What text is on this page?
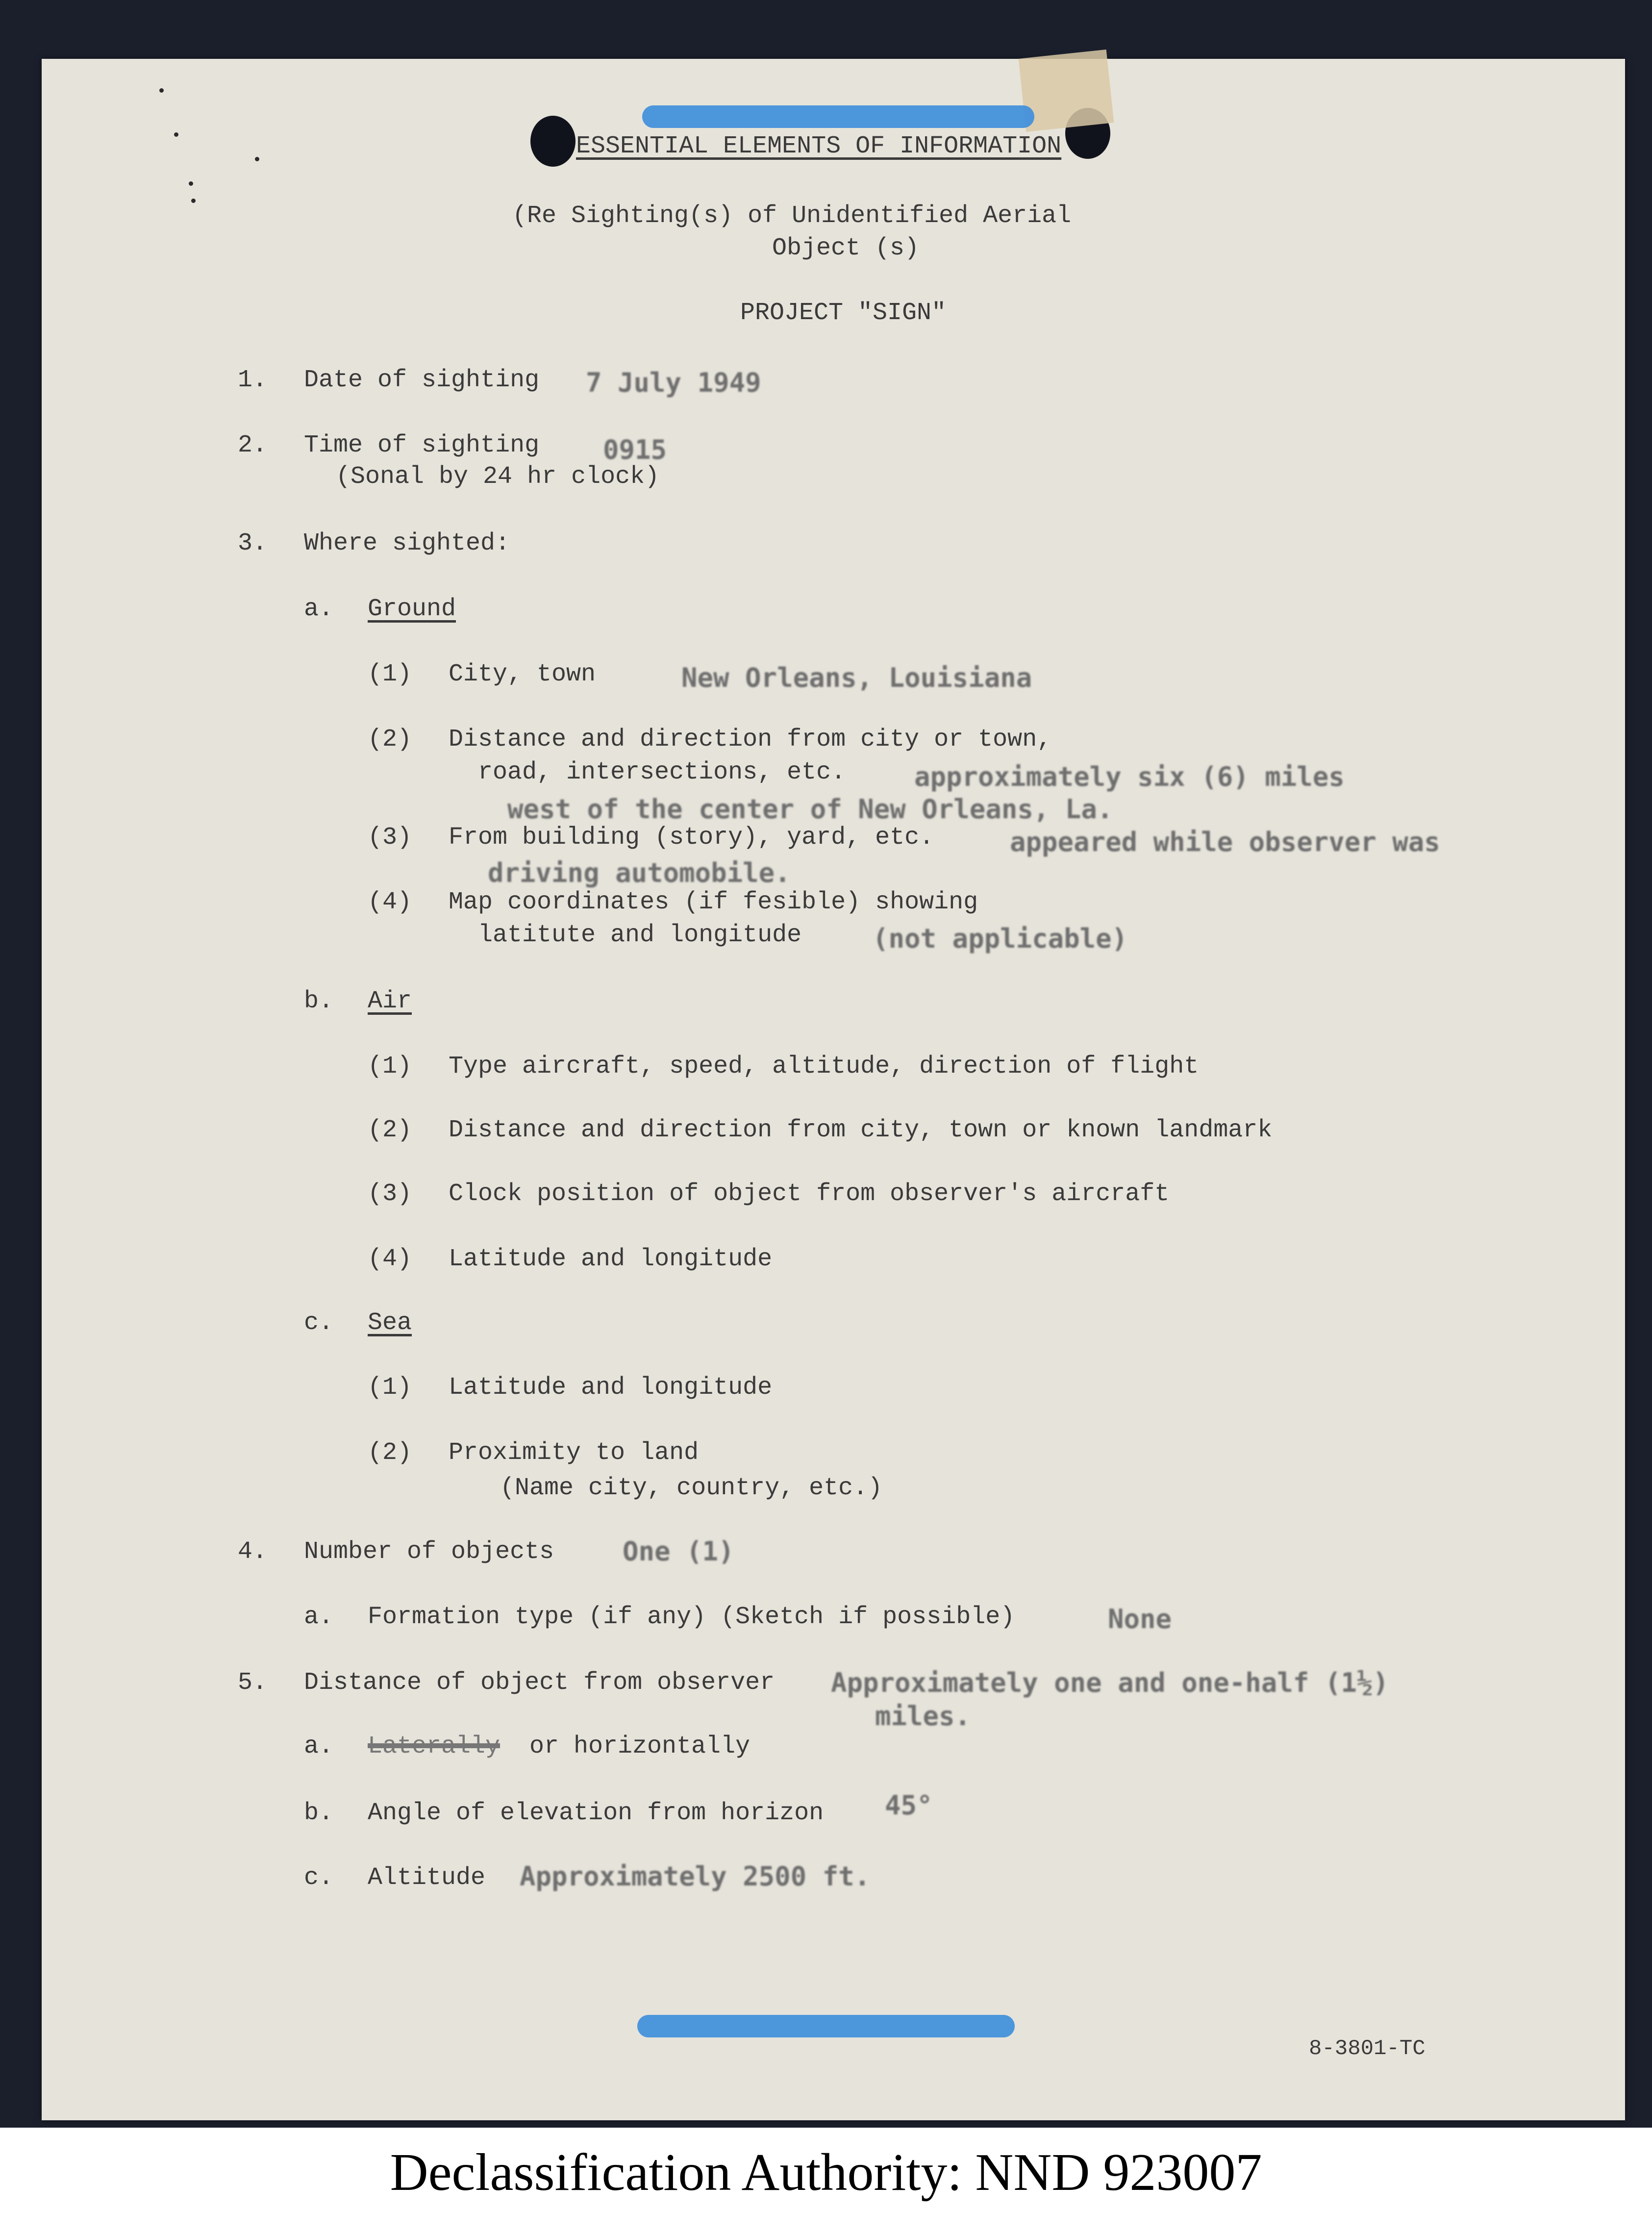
ESSENTIAL ELEMENTS OF INFORMATION
(Re Sighting(s) of Unidentified Aerial
Object (s)
PROJECT "SIGN"
1. Date of sighting 7 July 1949
2. Time of sighting 0915
(Sonal by 24 hr clock)
3. Where sighted:
a. Ground
(1) City, town	New Orleans, Louisiana
(2) Distance and direction from city or town,
road, intersections, etc.	approximately six (6) miles
west of the center of New Orleans, La.
(3) From building (story), yard, etc.	appeared while observer was
driving automobile.
(4) Map coordinates (if fesible) showing
latitute and longitude	(not applicable)
b. Air
(1) Type aircraft, speed, altitude, direction of flight
(2) Distance and direction from city, town or known landmark
(3) Clock position of object from observer's aircraft
(4) Latitude and longitude
c. Sea
(1) Latitude and longitude
(2) Proximity to land
(Name city, country, etc.)
4. Number of objects	One (1)
a. Formation type (if any) (Sketch if possible)	None
5. Distance of object from observer Approximately one and one-half (1½)
miles.
a. Laterally or horizontally
b. Angle of elevation from horizon 45°
c. Altitude Approximately 2500 ft.
8-3801-TC
Declassification Authority: NND 923007
